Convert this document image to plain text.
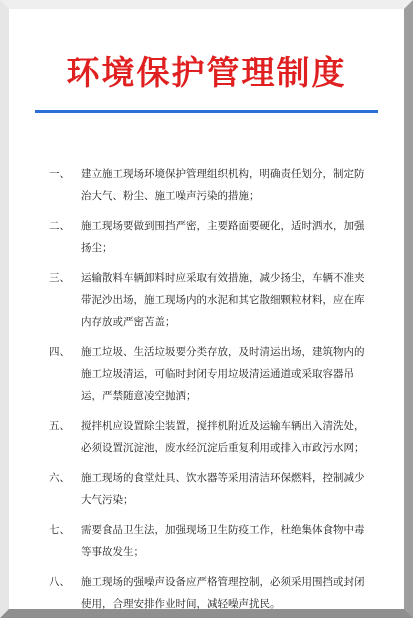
环境保护管理制度
一、 建立施工现场环境保护管理组织机构，明确责任划分，制定防治大气、粉尘、施工噪声污染的措施；
二、 施工现场要做到围挡严密，主要路面要硬化，适时洒水，加强扬尘；
三、 运输散料车辆卸料时应采取有效措施，减少扬尘，车辆不准夹带泥沙出场，施工现场内的水泥和其它散细颗粒材料，应在库内存放或严密苫盖；
四、 施工垃圾、生活垃圾要分类存放，及时清运出场，建筑物内的施工垃圾清运，可临时封闭专用垃圾清运通道或采取容器吊运，严禁随意凌空抛洒；
五、 搅拌机应设置除尘装置，搅拌机附近及运输车辆出入清洗处，必须设置沉淀池，废水经沉淀后重复利用或排入市政污水网；
六、 施工现场的食堂灶具、饮水器等采用清洁环保燃料，控制减少大气污染；
七、 需要食品卫生法，加强现场卫生防疫工作，杜绝集体食物中毒等事故发生；
八、 施工现场的强噪声设备应严格管理控制，必须采用围挡或封闭使用，合理安排作业时间，减轻噪声扰民。
